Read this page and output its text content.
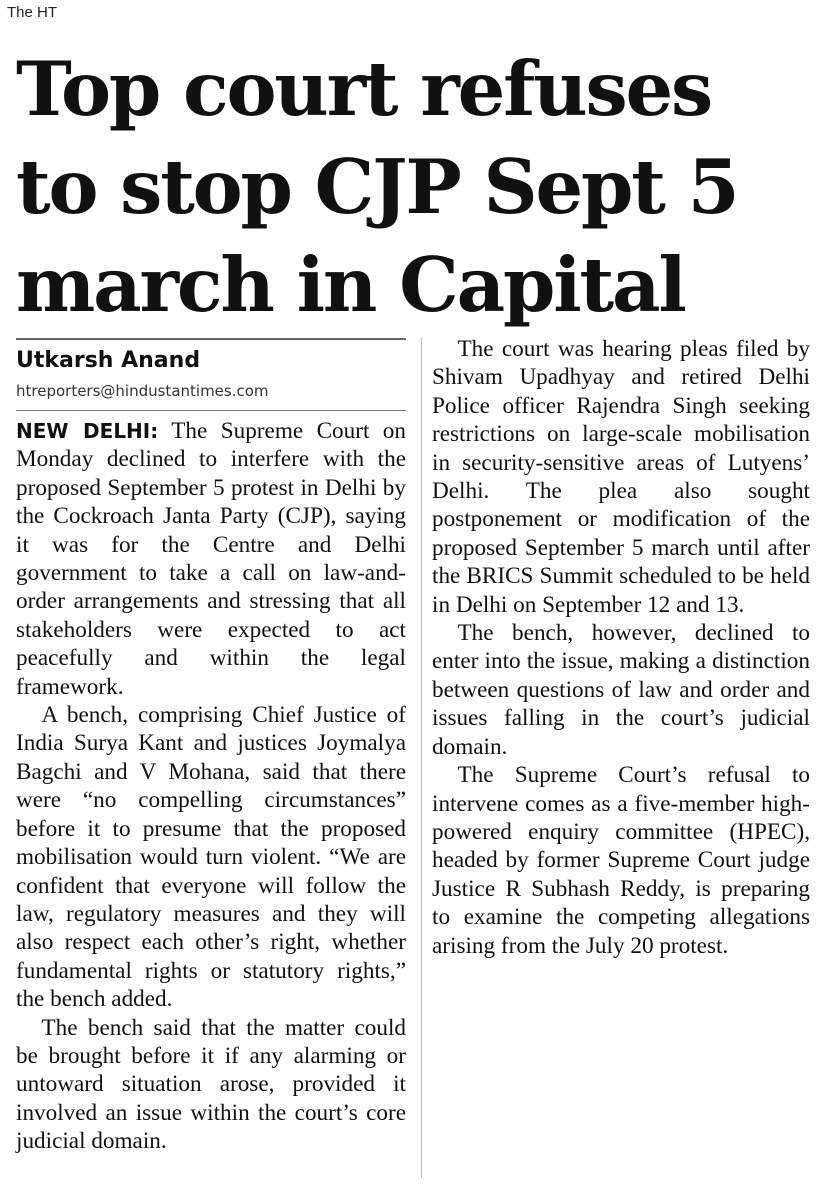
The HT
Top court refuses
to stop CJP Sept 5
march in Capital
Utkarsh Anand
htreporters@hindustantimes.com

NEW DELHI: The Supreme Court on Monday declined to interfere with the proposed September 5 protest in Delhi by the Cockroach Janta Party (CJP), saying it was for the Centre and Delhi government to take a call on law-and-order arrangements and stressing that all stakeholders were expected to act peacefully and within the legal framework.

A bench, comprising Chief Justice of India Surya Kant and justices Joymalya Bagchi and V Mohana, said that there were “no compelling circumstances” before it to presume that the proposed mobilisation would turn violent. “We are confident that everyone will follow the law, regulatory measures and they will also respect each other’s right, whether fundamental rights or statutory rights,” the bench added.

The bench said that the matter could be brought before it if any alarming or untoward situation arose, provided it involved an issue within the court’s core judicial domain.

The court was hearing pleas filed by Shivam Upadhyay and retired Delhi Police officer Rajendra Singh seeking restrictions on large-scale mobilisation in security-sensitive areas of Lutyens’ Delhi. The plea also sought postponement or modification of the proposed September 5 march until after the BRICS Summit scheduled to be held in Delhi on September 12 and 13.

The bench, however, declined to enter into the issue, making a distinction between questions of law and order and issues falling in the court’s judicial domain.

The Supreme Court’s refusal to intervene comes as a five-member high-powered enquiry committee (HPEC), headed by former Supreme Court judge Justice R Subhash Reddy, is preparing to examine the competing allegations arising from the July 20 protest.
